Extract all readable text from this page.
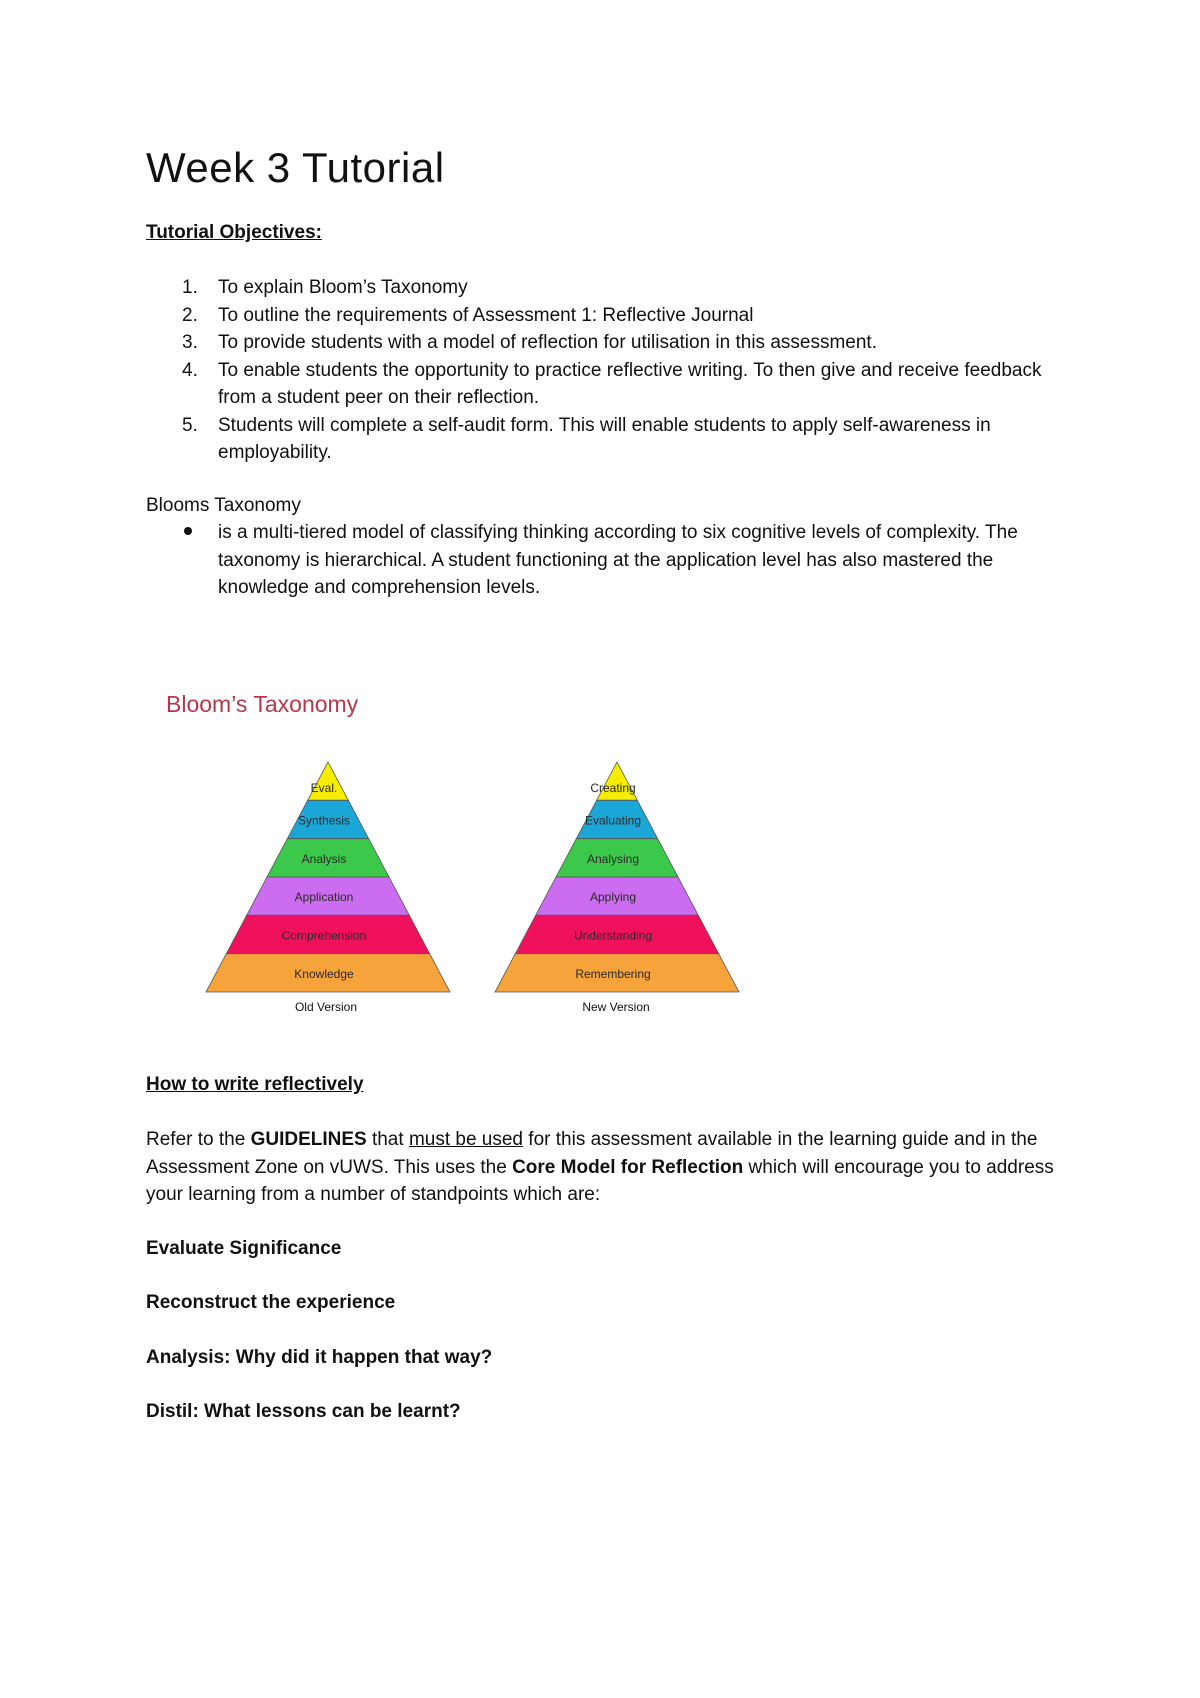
Week 3 Tutorial
Tutorial Objectives:
1. To explain Bloom’s Taxonomy
2. To outline the requirements of Assessment 1: Reflective Journal
3. To provide students with a model of reflection for utilisation in this assessment.
4. To enable students the opportunity to practice reflective writing. To then give and receive feedback from a student peer on their reflection.
5. Students will complete a self-audit form. This will enable students to apply self-awareness in employability.
Blooms Taxonomy
is a multi-tiered model of classifying thinking according to six cognitive levels of complexity. The taxonomy is hierarchical. A student functioning at the application level has also mastered the knowledge and comprehension levels.
Bloom’s Taxonomy
Eval.
Synthesis
Analysis
Application
Comprehension
Knowledge
Creating
Evaluating
Analysing
Applying
Understanding
Remembering
Old Version	New Version
How to write reflectively

Refer to the GUIDELINES that must be used for this assessment available in the learning guide and in the Assessment Zone on vUWS. This uses the Core Model for Reflection which will encourage you to address your learning from a number of standpoints which are:

Evaluate Significance

Reconstruct the experience

Analysis: Why did it happen that way?

Distil: What lessons can be learnt?
